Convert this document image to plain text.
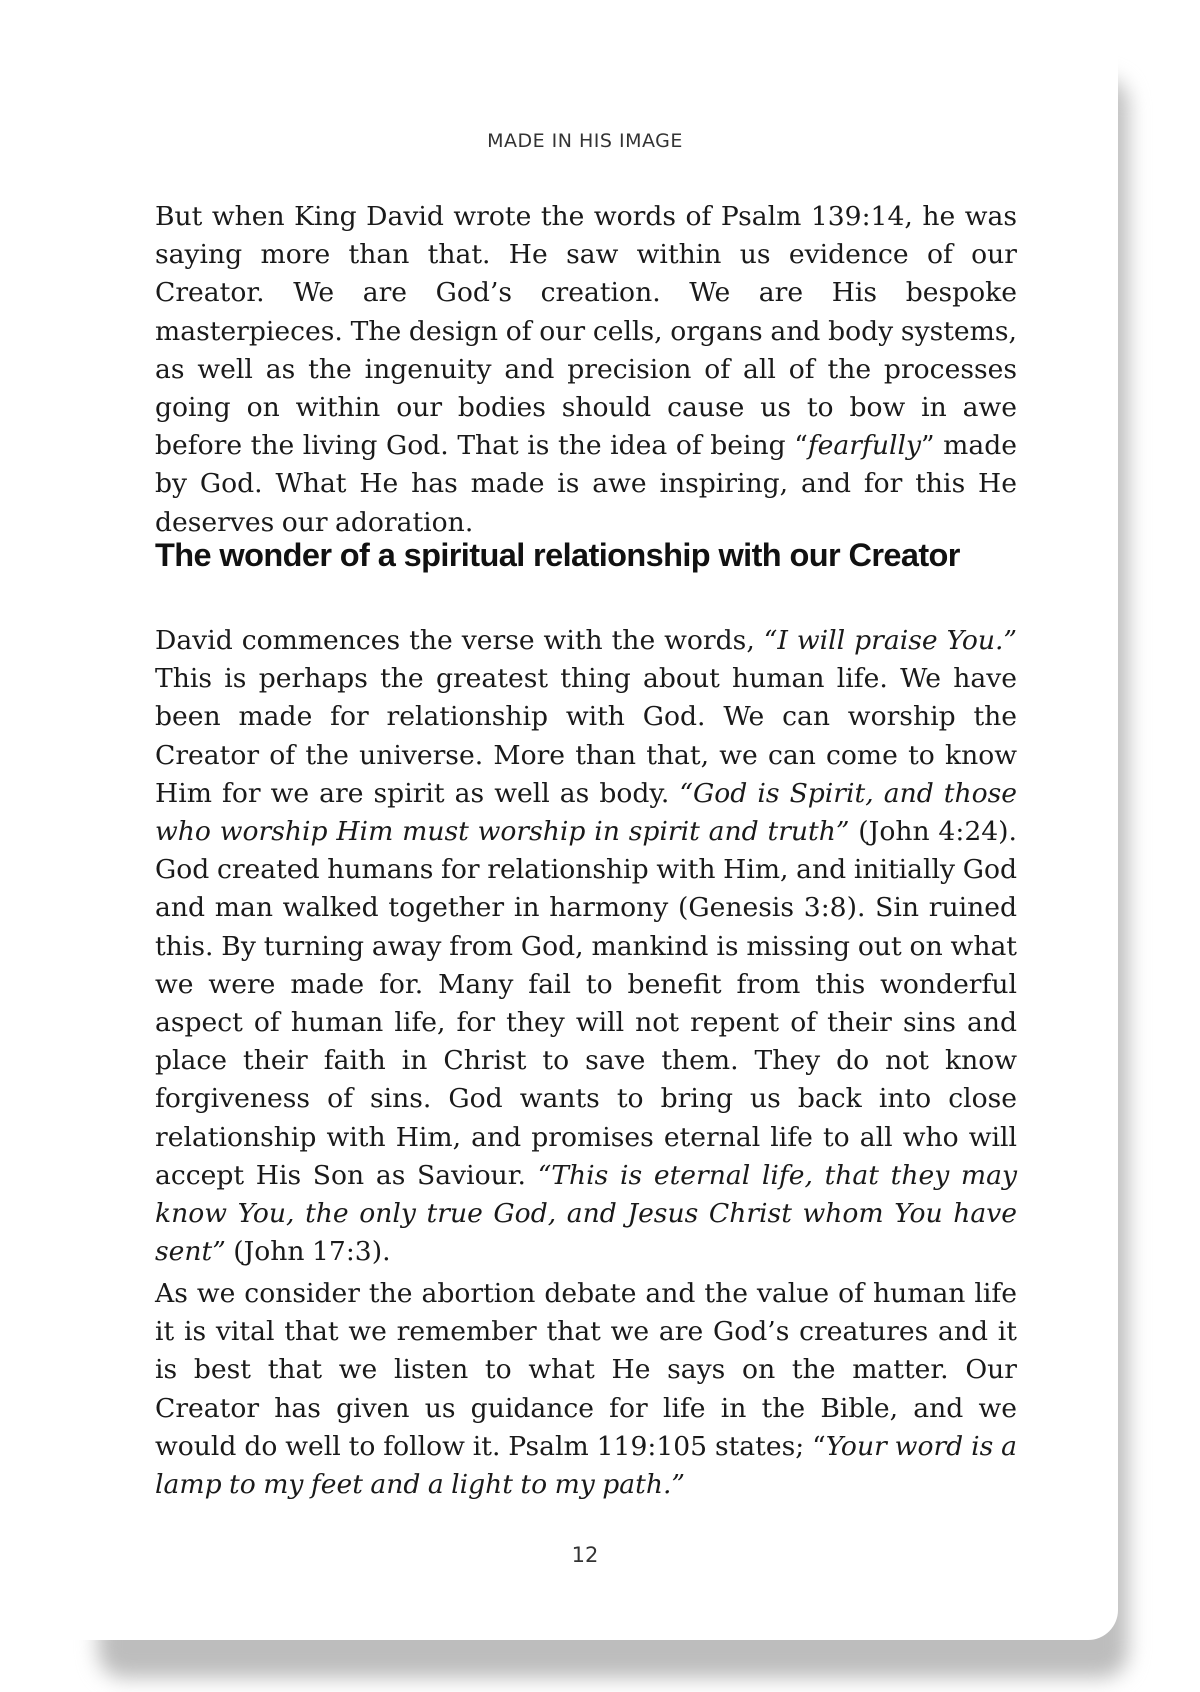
MADE IN HIS IMAGE

But when King David wrote the words of Psalm 139:14, he was saying more than that. He saw within us evidence of our Creator. We are God’s creation. We are His bespoke masterpieces. The design of our cells, organs and body systems, as well as the ingenuity and precision of all of the processes going on within our bodies should cause us to bow in awe before the living God. That is the idea of being “fearfully” made by God. What He has made is awe inspiring, and for this He deserves our adoration.

The wonder of a spiritual relationship with our Creator

David commences the verse with the words, “I will praise You.” This is perhaps the greatest thing about human life. We have been made for relationship with God. We can worship the Creator of the universe. More than that, we can come to know Him for we are spirit as well as body. “God is Spirit, and those who worship Him must worship in spirit and truth” (John 4:24). God created humans for relationship with Him, and initially God and man walked together in harmony (Genesis 3:8). Sin ruined this. By turning away from God, mankind is missing out on what we were made for. Many fail to benefit from this wonderful aspect of human life, for they will not repent of their sins and place their faith in Christ to save them. They do not know forgiveness of sins. God wants to bring us back into close relationship with Him, and promises eternal life to all who will accept His Son as Saviour. “This is eternal life, that they may know You, the only true God, and Jesus Christ whom You have sent” (John 17:3).

As we consider the abortion debate and the value of human life it is vital that we remember that we are God’s creatures and it is best that we listen to what He says on the matter. Our Creator has given us guidance for life in the Bible, and we would do well to follow it. Psalm 119:105 states; “Your word is a lamp to my feet and a light to my path.”

12
